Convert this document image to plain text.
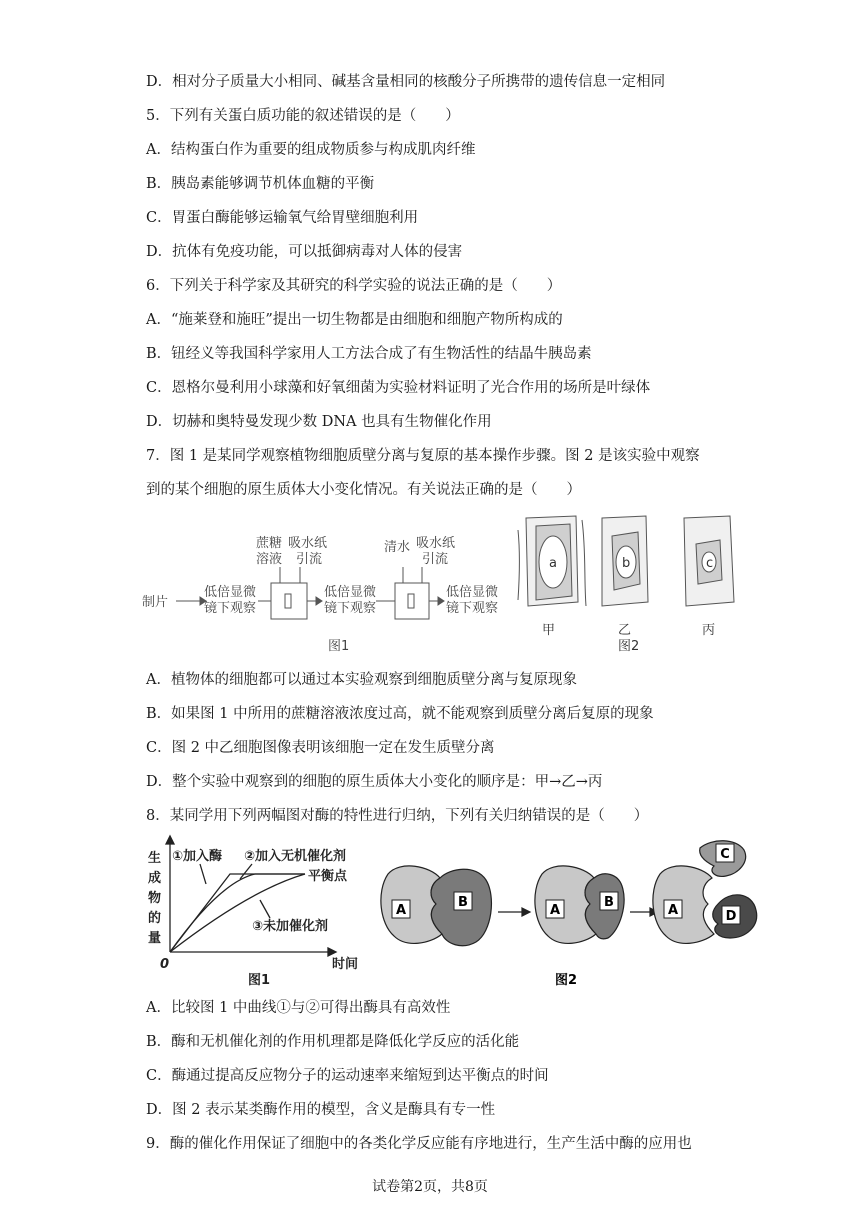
D．相对分子质量大小相同、碱基含量相同的核酸分子所携带的遗传信息一定相同
5．下列有关蛋白质功能的叙述错误的是（　　）
A．结构蛋白作为重要的组成物质参与构成肌肉纤维
B．胰岛素能够调节机体血糖的平衡
C．胃蛋白酶能够运输氧气给胃壁细胞利用
D．抗体有免疫功能，可以抵御病毒对人体的侵害
6．下列关于科学家及其研究的科学实验的说法正确的是（　　）
A．“施莱登和施旺”提出一切生物都是由细胞和细胞产物所构成的
B．钮经义等我国科学家用人工方法合成了有生物活性的结晶牛胰岛素
C．恩格尔曼利用小球藻和好氧细菌为实验材料证明了光合作用的场所是叶绿体
D．切赫和奥特曼发现少数 DNA 也具有生物催化作用
7．图 1 是某同学观察植物细胞质壁分离与复原的基本操作步骤。图 2 是该实验中观察
到的某个细胞的原生质体大小变化情况。有关说法正确的是（　　）
制片
低倍显微
镜下观察
低倍显微
镜下观察
低倍显微
镜下观察
蔗糖
溶液
吸水纸
引流
清水 吸水纸
引流
图1
a	b	c
甲	乙	丙
图2
A．植物体的细胞都可以通过本实验观察到细胞质壁分离与复原现象
B．如果图 1 中所用的蔗糖溶液浓度过高，就不能观察到质壁分离后复原的现象
C．图 2 中乙细胞图像表明该细胞一定在发生质壁分离
D．整个实验中观察到的细胞的原生质体大小变化的顺序是：甲→乙→丙
8．某同学用下列两幅图对酶的特性进行归纳，下列有关归纳错误的是（　　）
生
成
物
的
量
0	时间
①加入酶 ②加入无机催化剂
平衡点
③未加催化剂
图1
A
B
A
B
A
C
D
图2
A．比较图 1 中曲线①与②可得出酶具有高效性
B．酶和无机催化剂的作用机理都是降低化学反应的活化能
C．酶通过提高反应物分子的运动速率来缩短到达平衡点的时间
D．图 2 表示某类酶作用的模型，含义是酶具有专一性
9．酶的催化作用保证了细胞中的各类化学反应能有序地进行，生产生活中酶的应用也
试卷第2页，共8页
